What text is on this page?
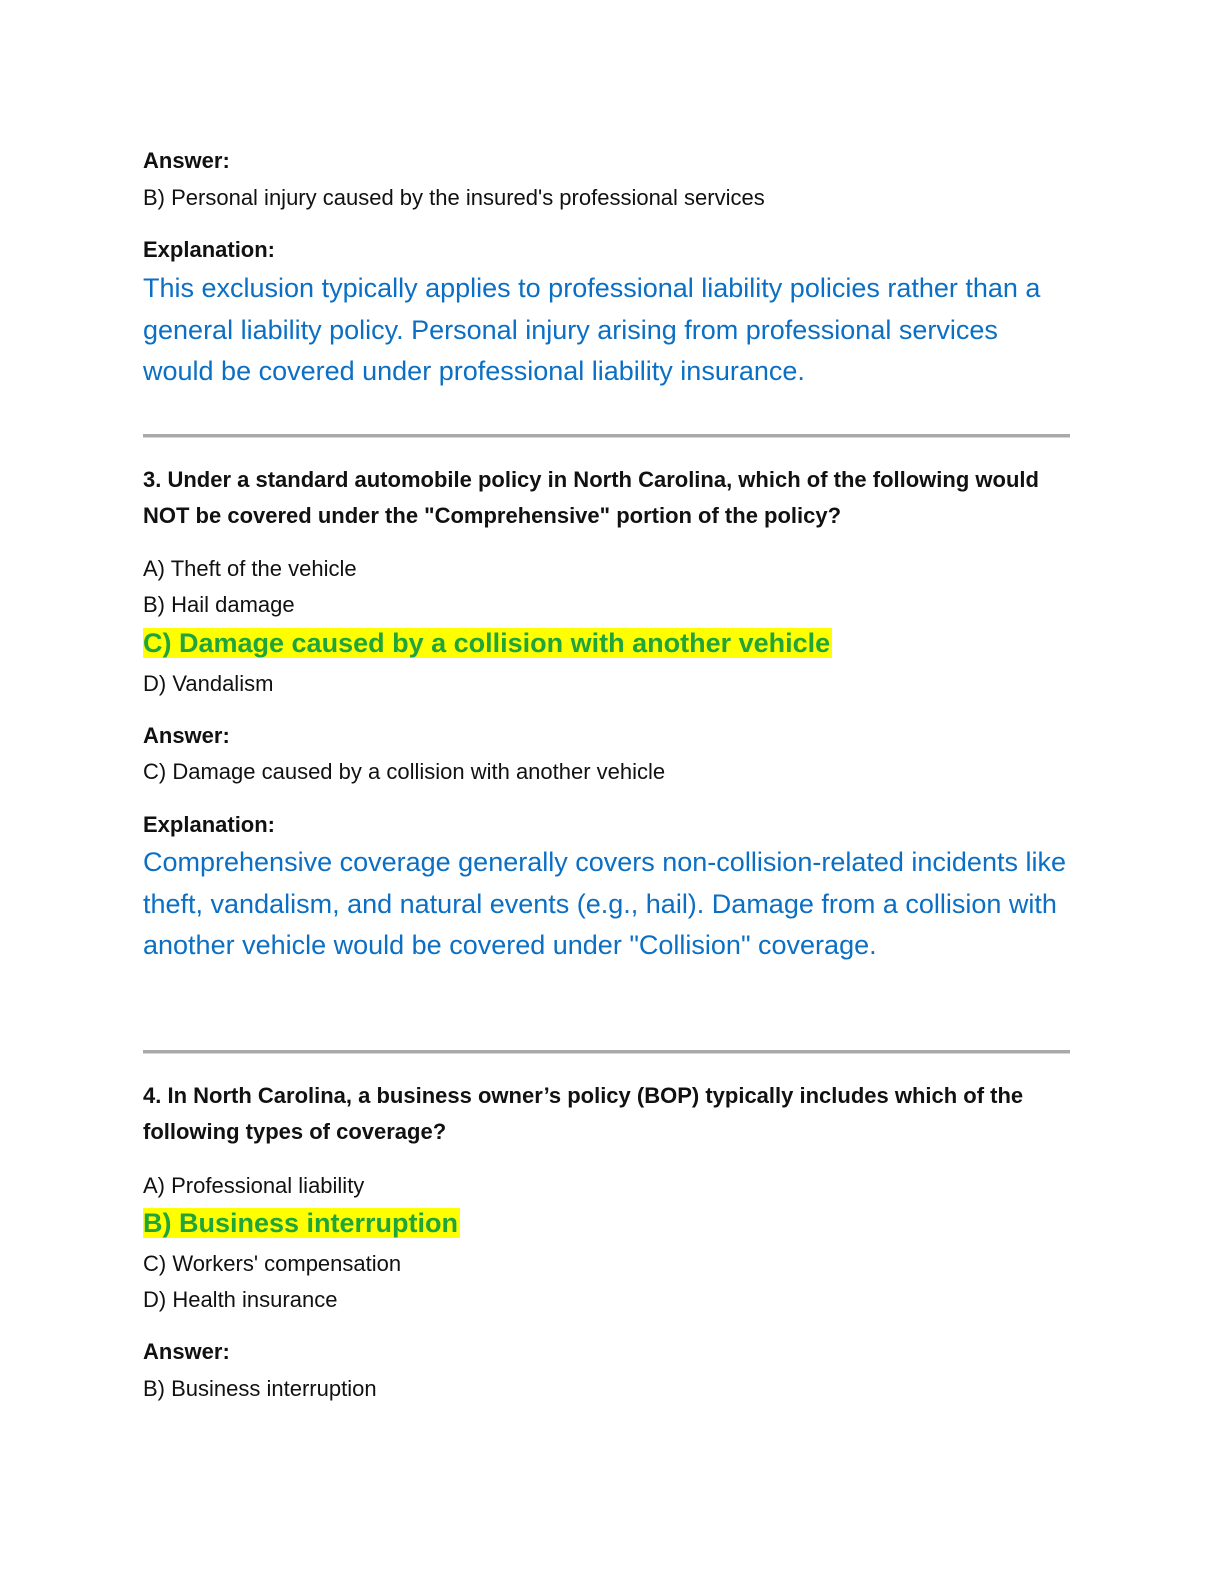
Answer:
B) Personal injury caused by the insured's professional services
Explanation:
This exclusion typically applies to professional liability policies rather than a general liability policy. Personal injury arising from professional services would be covered under professional liability insurance.
3. Under a standard automobile policy in North Carolina, which of the following would NOT be covered under the "Comprehensive" portion of the policy?
A) Theft of the vehicle
B) Hail damage
C) Damage caused by a collision with another vehicle
D) Vandalism
Answer:
C) Damage caused by a collision with another vehicle
Explanation:
Comprehensive coverage generally covers non-collision-related incidents like theft, vandalism, and natural events (e.g., hail). Damage from a collision with another vehicle would be covered under "Collision" coverage.
4. In North Carolina, a business owner’s policy (BOP) typically includes which of the following types of coverage?
A) Professional liability
B) Business interruption
C) Workers' compensation
D) Health insurance
Answer:
B) Business interruption
